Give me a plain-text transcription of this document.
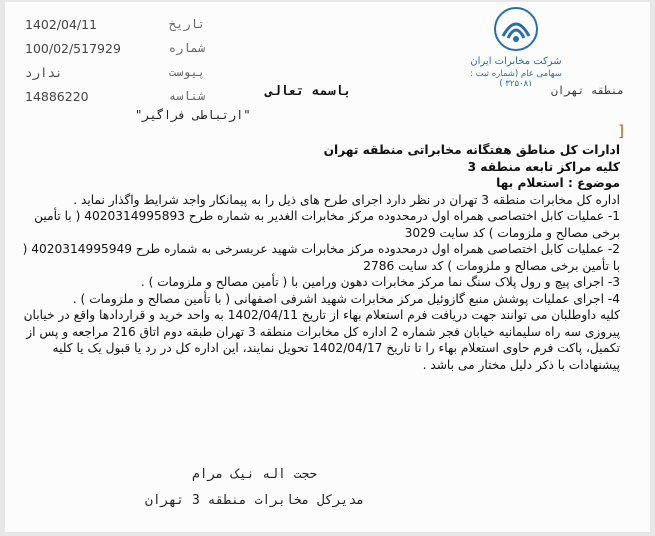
1402/04/11	تاریخ
100/02/517929	شماره
ندارد	پیوست
14886220	شناسه
شرکت مخابرات ایران
سهامی عام (شماره ثبت : ۳۲۵۰۸۱ )	منطقه تهران
باسمه تعالی
"ارتباطی فراگیر"
]

ادارات کل مناطق هفتگانه مخابراتی منطقه تهران

کلیه مراکز تابعه منطقه 3

موضوع : استعلام بها

اداره کل مخابرات منطقه 3 تهران در نظر دارد اجرای طرح های ذیل را به پیمانکار واجد شرایط واگذار نماید .

1- عملیات کابل اختصاصی همراه اول درمحدوده مرکز مخابرات الغدیر به شماره طرح 4020314995893 ( با تأمین برخی مصالح و ملزومات ) کد سایت 3029

2- عملیات کابل اختصاصی همراه اول درمحدوده مرکز مخابرات شهید عربسرخی به شماره طرح 4020314995949 ( با تأمین برخی مصالح و ملزومات ) کد سایت 2786

3- اجرای پیچ و رول پلاک سنگ نما مرکز مخابرات دهون ورامین با ( تأمین مصالح و ملزومات ) .

4- اجرای عملیات پوشش منبع گازوئیل مرکز مخابرات شهید اشرفی اصفهانی ( با تأمین مصالح و ملزومات ) .

کلیه داوطلبان می توانند جهت دریافت فرم استعلام بهاء از تاریخ 1402/04/11 به واحد خرید و قراردادها واقع در خیابان پیروزی سه راه سلیمانیه خیابان فجر شماره 2 اداره کل مخابرات منطقه 3 تهران طبقه دوم اتاق 216 مراجعه و پس از تکمیل، پاکت فرم حاوی استعلام بهاء را تا تاریخ 1402/04/17 تحویل نمایند، این اداره کل در رد یا قبول یک یا کلیه پیشنهادات با ذکر دلیل مختار می باشد .

حجت اله نیک مرام
مدیرکل مخابرات منطقه 3 تهران
